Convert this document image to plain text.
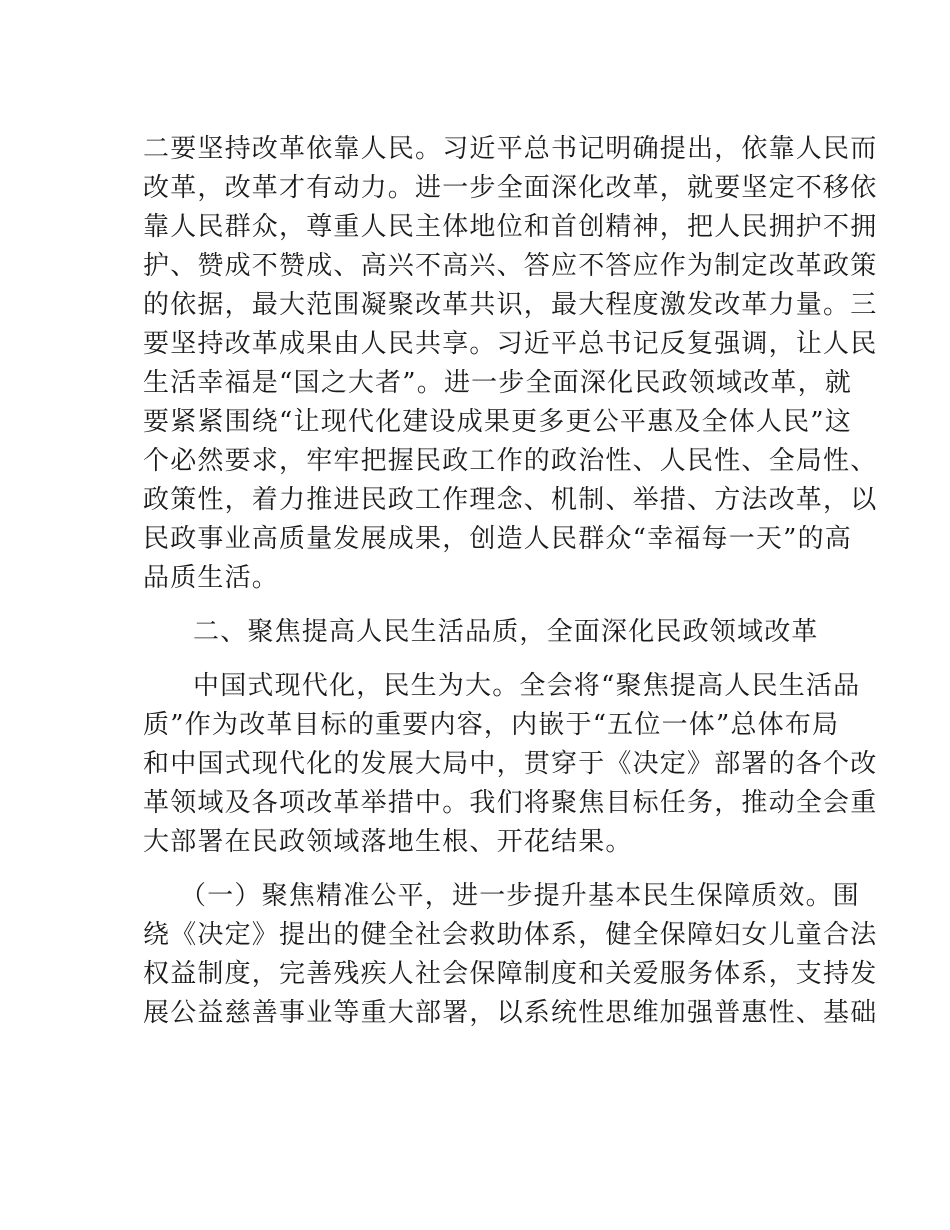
二要坚持改革依靠人民。习近平总书记明确提出，依靠人民而
改革，改革才有动力。进一步全面深化改革，就要坚定不移依
靠人民群众，尊重人民主体地位和首创精神，把人民拥护不拥
护、赞成不赞成、高兴不高兴、答应不答应作为制定改革政策
的依据，最大范围凝聚改革共识，最大程度激发改革力量。三
要坚持改革成果由人民共享。习近平总书记反复强调，让人民
生活幸福是“国之大者”。进一步全面深化民政领域改革，就
要紧紧围绕“让现代化建设成果更多更公平惠及全体人民”这
个必然要求，牢牢把握民政工作的政治性、人民性、全局性、
政策性，着力推进民政工作理念、机制、举措、方法改革，以
民政事业高质量发展成果，创造人民群众“幸福每一天”的高
品质生活。
二、聚焦提高人民生活品质，全面深化民政领域改革
中国式现代化，民生为大。全会将“聚焦提高人民生活品
质”作为改革目标的重要内容，内嵌于“五位一体”总体布局
和中国式现代化的发展大局中，贯穿于《决定》部署的各个改
革领域及各项改革举措中。我们将聚焦目标任务，推动全会重
大部署在民政领域落地生根、开花结果。
（一）聚焦精准公平，进一步提升基本民生保障质效。围
绕《决定》提出的健全社会救助体系，健全保障妇女儿童合法
权益制度，完善残疾人社会保障制度和关爱服务体系，支持发
展公益慈善事业等重大部署，以系统性思维加强普惠性、基础
